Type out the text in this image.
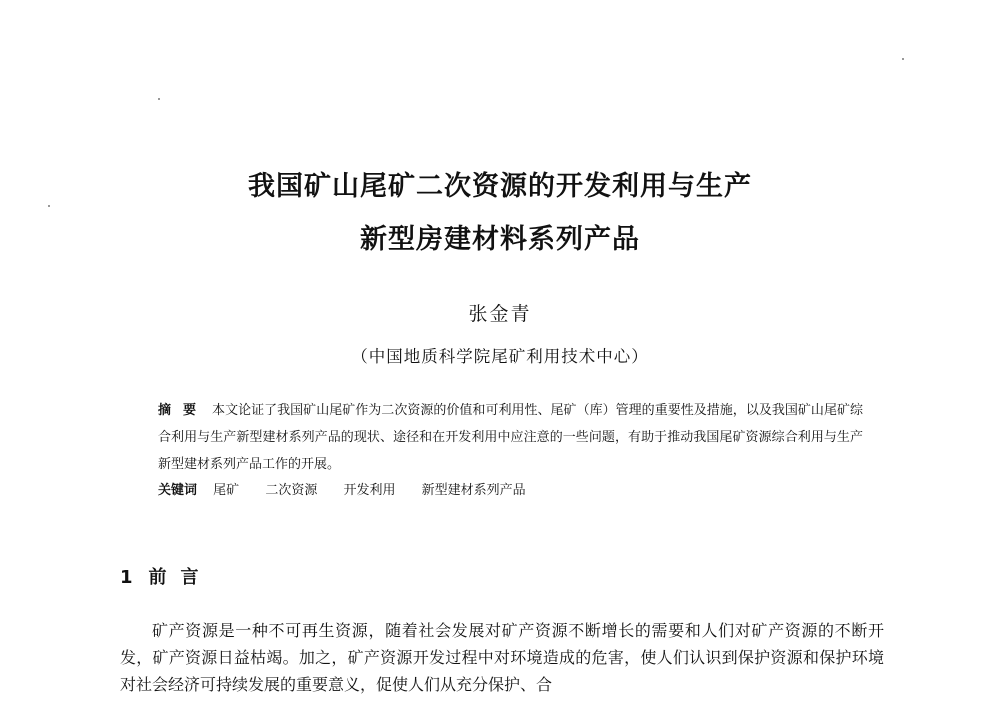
我国矿山尾矿二次资源的开发利用与生产
新型房建材料系列产品
张金青
（中国地质科学院尾矿利用技术中心）
摘要 本文论证了我国矿山尾矿作为二次资源的价值和可利用性、尾矿（库）管理的重要性及措施，以及我国矿山尾矿综合利用与生产新型建材系列产品的现状、途径和在开发利用中应注意的一些问题，有助于推动我国尾矿资源综合利用与生产新型建材系列产品工作的开展。
关键词 尾矿 二次资源 开发利用 新型建材系列产品
1 前言

矿产资源是一种不可再生资源，随着社会发展对矿产资源不断增长的需要和人们对矿产资源的不断开发，矿产资源日益枯竭。加之，矿产资源开发过程中对环境造成的危害，使人们认识到保护资源和保护环境对社会经济可持续发展的重要意义，促使人们从充分保护、合
